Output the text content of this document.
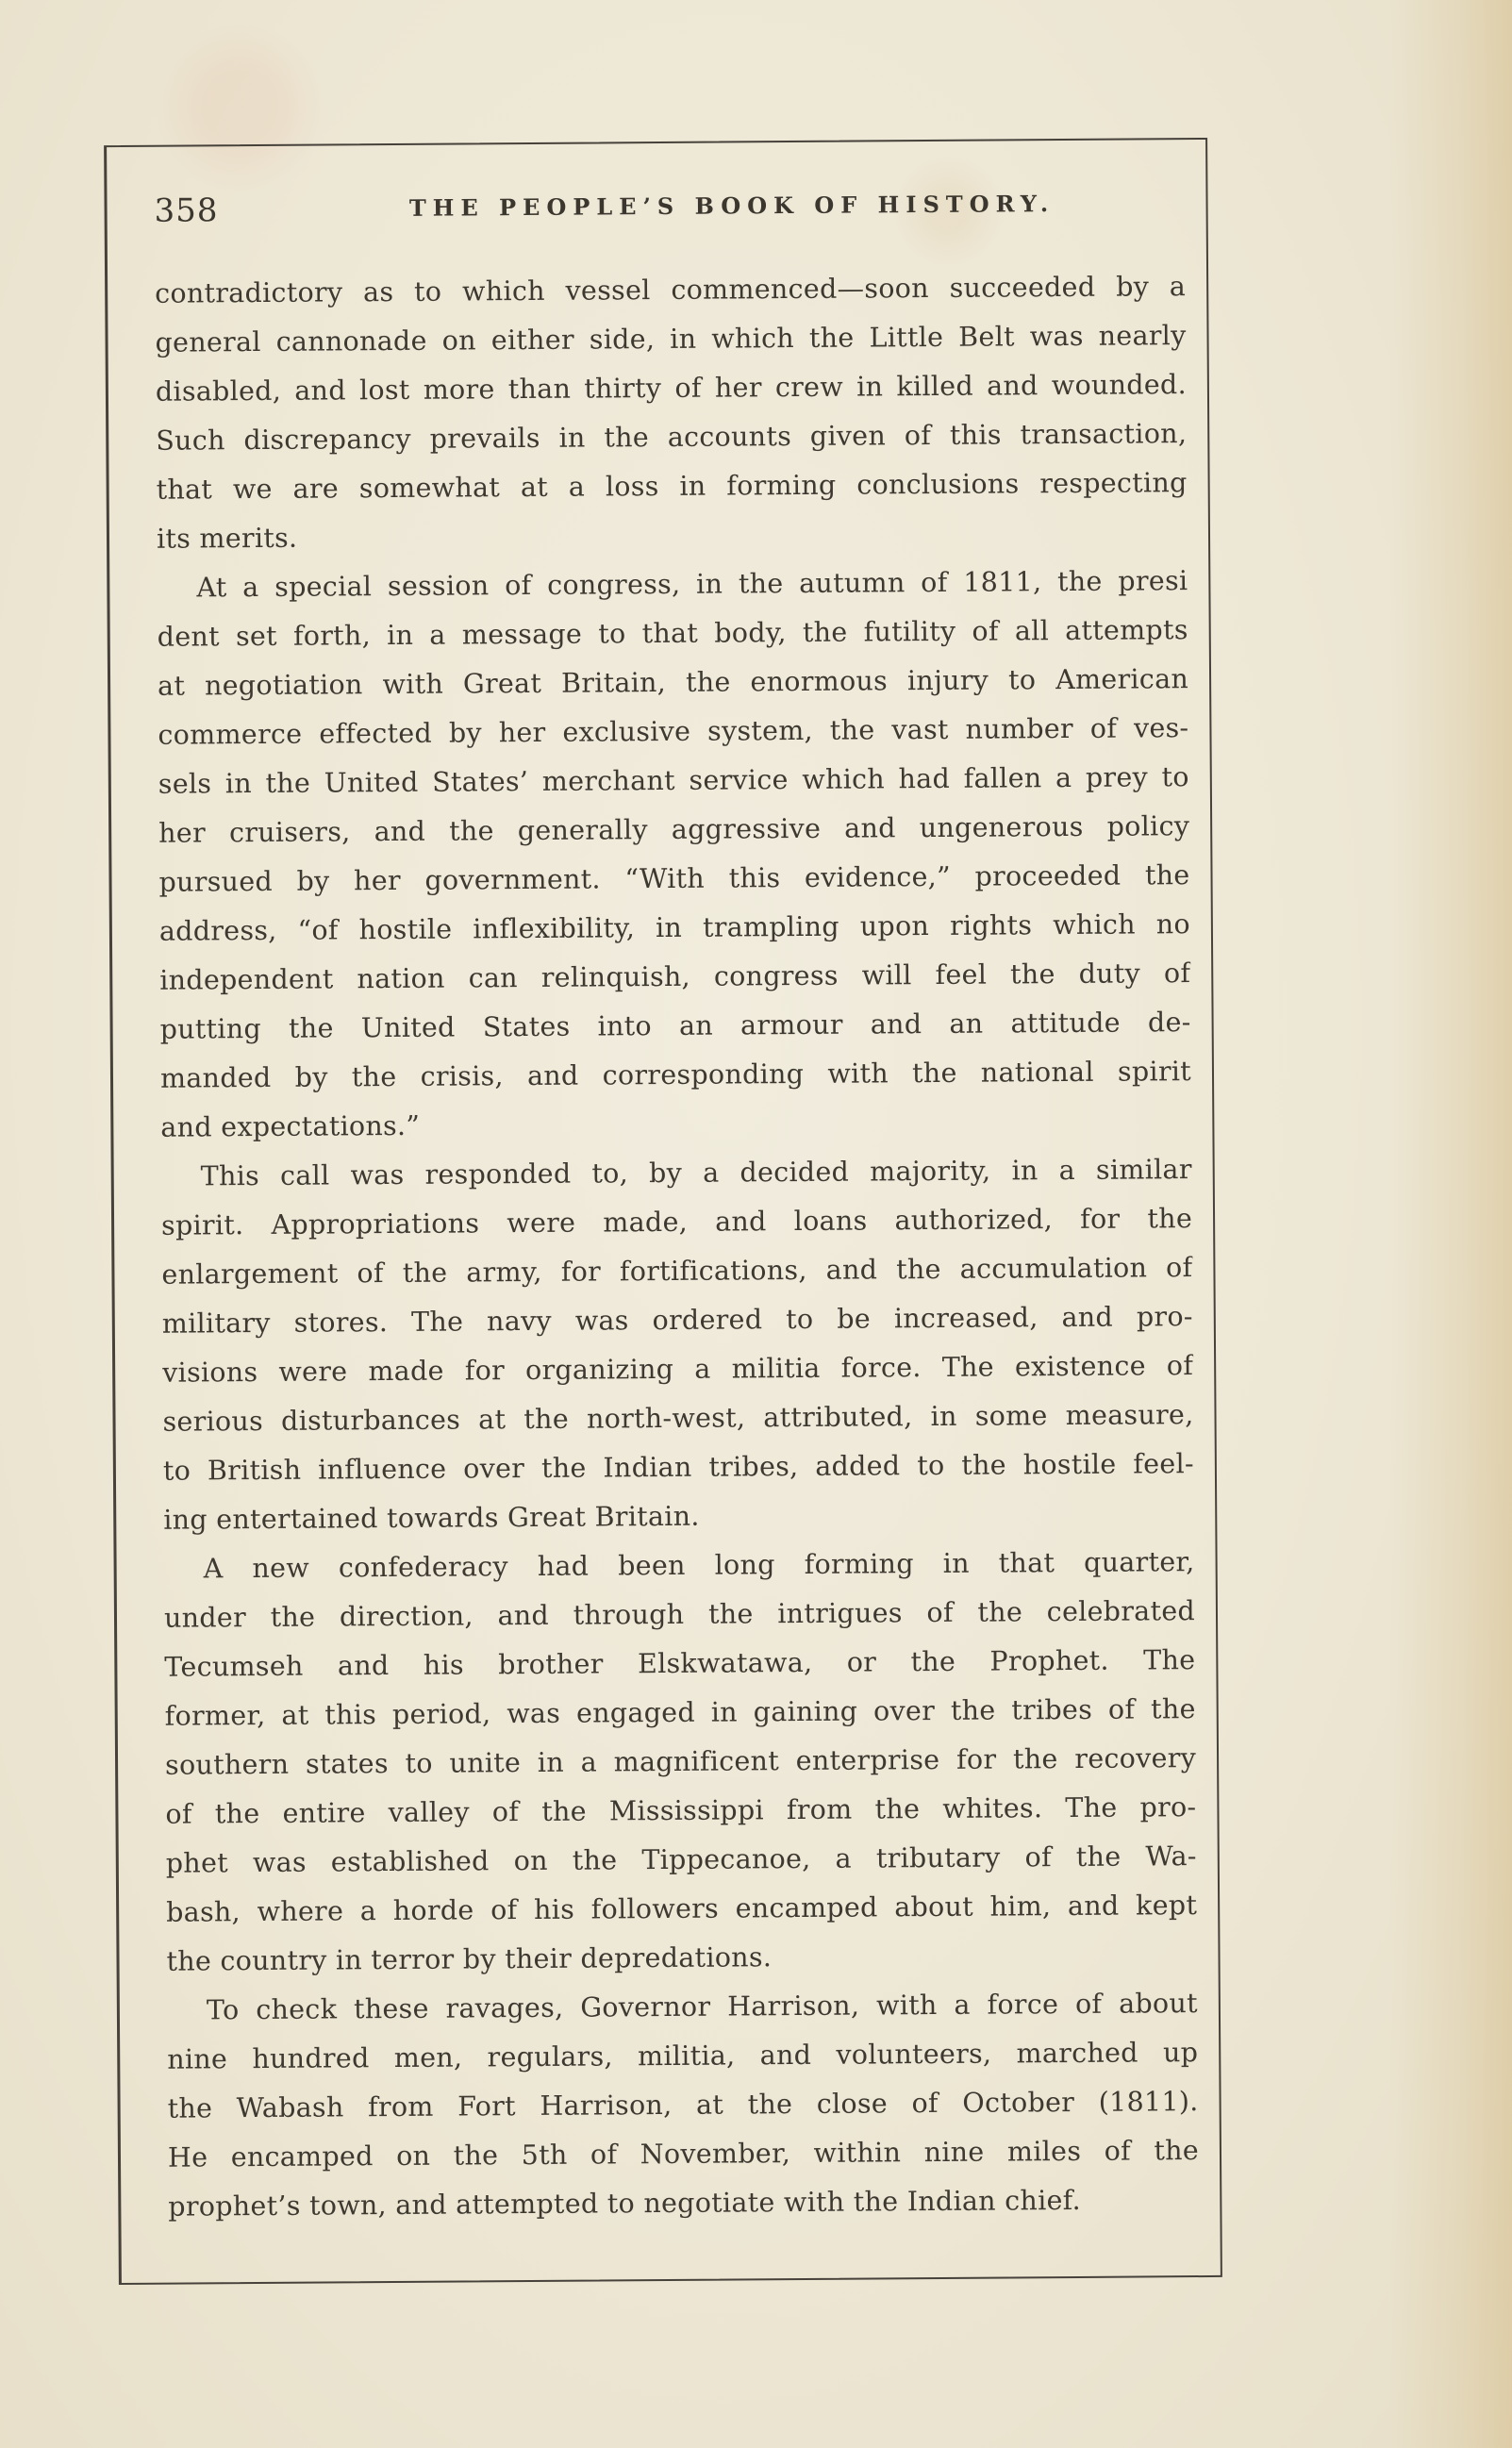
358	THE PEOPLE’S BOOK OF HISTORY.
contradictory as to which vessel commenced—soon succeeded by a
general cannonade on either side, in which the Little Belt was nearly
disabled, and lost more than thirty of her crew in killed and wounded.
Such discrepancy prevails in the accounts given of this transaction,
that we are somewhat at a loss in forming conclusions respecting
its merits.
At a special session of congress, in the autumn of 1811, the presi
dent set forth, in a message to that body, the futility of all attempts
at negotiation with Great Britain, the enormous injury to American
commerce effected by her exclusive system, the vast number of ves-
sels in the United States’ merchant service which had fallen a prey to
her cruisers, and the generally aggressive and ungenerous policy
pursued by her government. “With this evidence,” proceeded the
address, “of hostile inflexibility, in trampling upon rights which no
independent nation can relinquish, congress will feel the duty of
putting the United States into an armour and an attitude de-
manded by the crisis, and corresponding with the national spirit
and expectations.”
This call was responded to, by a decided majority, in a similar
spirit. Appropriations were made, and loans authorized, for the
enlargement of the army, for fortifications, and the accumulation of
military stores. The navy was ordered to be increased, and pro-
visions were made for organizing a militia force. The existence of
serious disturbances at the north-west, attributed, in some measure,
to British influence over the Indian tribes, added to the hostile feel-
ing entertained towards Great Britain.
A new confederacy had been long forming in that quarter,
under the direction, and through the intrigues of the celebrated
Tecumseh and his brother Elskwatawa, or the Prophet. The
former, at this period, was engaged in gaining over the tribes of the
southern states to unite in a magnificent enterprise for the recovery
of the entire valley of the Mississippi from the whites. The pro-
phet was established on the Tippecanoe, a tributary of the Wa-
bash, where a horde of his followers encamped about him, and kept
the country in terror by their depredations.
To check these ravages, Governor Harrison, with a force of about
nine hundred men, regulars, militia, and volunteers, marched up
the Wabash from Fort Harrison, at the close of October (1811).
He encamped on the 5th of November, within nine miles of the
prophet’s town, and attempted to negotiate with the Indian chief.
